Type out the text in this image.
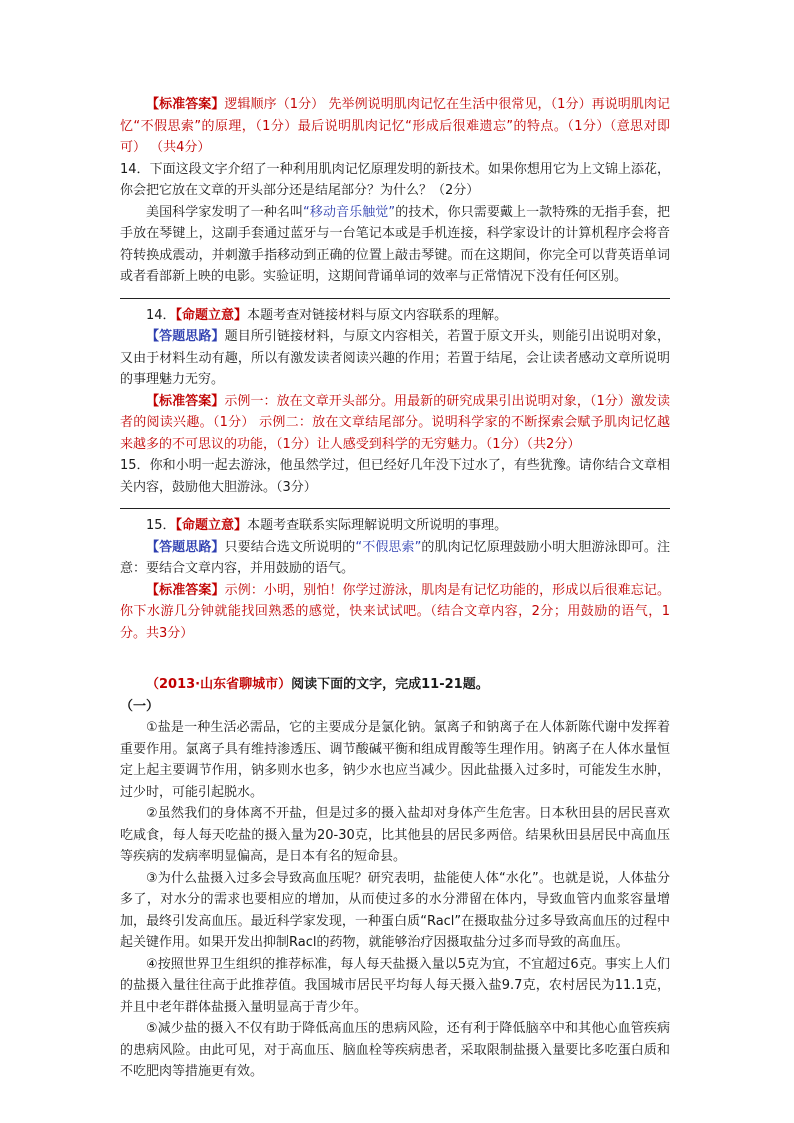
【标准答案】逻辑顺序（1分） 先举例说明肌肉记忆在生活中很常见，（1分）再说明肌肉记忆“不假思索”的原理，（1分）最后说明肌肉记忆“形成后很难遗忘”的特点。（1分）（意思对即可） （共4分）

14．下面这段文字介绍了一种利用肌肉记忆原理发明的新技术。如果你想用它为上文锦上添花，你会把它放在文章的开头部分还是结尾部分？为什么？（2分）

美国科学家发明了一种名叫“移动音乐触觉”的技术，你只需要戴上一款特殊的无指手套，把手放在琴键上，这副手套通过蓝牙与一台笔记本或是手机连接，科学家设计的计算机程序会将音符转换成震动，并刺激手指移动到正确的位置上敲击琴键。而在这期间，你完全可以背英语单词或者看部新上映的电影。实验证明，这期间背诵单词的效率与正常情况下没有任何区别。

14．【命题立意】本题考查对链接材料与原文内容联系的理解。

【答题思路】题目所引链接材料，与原文内容相关，若置于原文开头，则能引出说明对象，又由于材料生动有趣，所以有激发读者阅读兴趣的作用；若置于结尾，会让读者感动文章所说明的事理魅力无穷。

【标准答案】示例一：放在文章开头部分。用最新的研究成果引出说明对象，（1分）激发读者的阅读兴趣。（1分） 示例二：放在文章结尾部分。说明科学家的不断探索会赋予肌肉记忆越来越多的不可思议的功能，（1分）让人感受到科学的无穷魅力。（1分）（共2分）

15．你和小明一起去游泳，他虽然学过，但已经好几年没下过水了，有些犹豫。请你结合文章相关内容，鼓励他大胆游泳。（3分）

15．【命题立意】本题考查联系实际理解说明文所说明的事理。

【答题思路】只要结合选文所说明的“不假思索”的肌肉记忆原理鼓励小明大胆游泳即可。注意：要结合文章内容，并用鼓励的语气。

【标准答案】示例：小明，别怕！你学过游泳，肌肉是有记忆功能的，形成以后很难忘记。你下水游几分钟就能找回熟悉的感觉，快来试试吧。（结合文章内容，2分；用鼓励的语气，1分。共3分）

（2013·山东省聊城市）阅读下面的文字，完成11-21题。

（一）

①盐是一种生活必需品，它的主要成分是氯化钠。氯离子和钠离子在人体新陈代谢中发挥着重要作用。氯离子具有维持渗透压、调节酸碱平衡和组成胃酸等生理作用。钠离子在人体水量恒定上起主要调节作用，钠多则水也多，钠少水也应当减少。因此盐摄入过多时，可能发生水肿，过少时，可能引起脱水。

②虽然我们的身体离不开盐，但是过多的摄入盐却对身体产生危害。日本秋田县的居民喜欢吃咸食，每人每天吃盐的摄入量为20-30克，比其他县的居民多两倍。结果秋田县居民中高血压等疾病的发病率明显偏高，是日本有名的短命县。

③为什么盐摄入过多会导致高血压呢？研究表明，盐能使人体“水化”。也就是说，人体盐分多了，对水分的需求也要相应的增加，从而使过多的水分滞留在体内，导致血管内血浆容量增加，最终引发高血压。最近科学家发现，一种蛋白质“Racl”在摄取盐分过多导致高血压的过程中起关键作用。如果开发出抑制Racl的药物，就能够治疗因摄取盐分过多而导致的高血压。

④按照世界卫生组织的推荐标准，每人每天盐摄入量以5克为宜，不宜超过6克。事实上人们的盐摄入量往往高于此推荐值。我国城市居民平均每人每天摄入盐9.7克，农村居民为11.1克，并且中老年群体盐摄入量明显高于青少年。

⑤减少盐的摄入不仅有助于降低高血压的患病风险，还有利于降低脑卒中和其他心血管疾病的患病风险。由此可见，对于高血压、脑血栓等疾病患者，采取限制盐摄入量要比多吃蛋白质和不吃肥肉等措施更有效。
